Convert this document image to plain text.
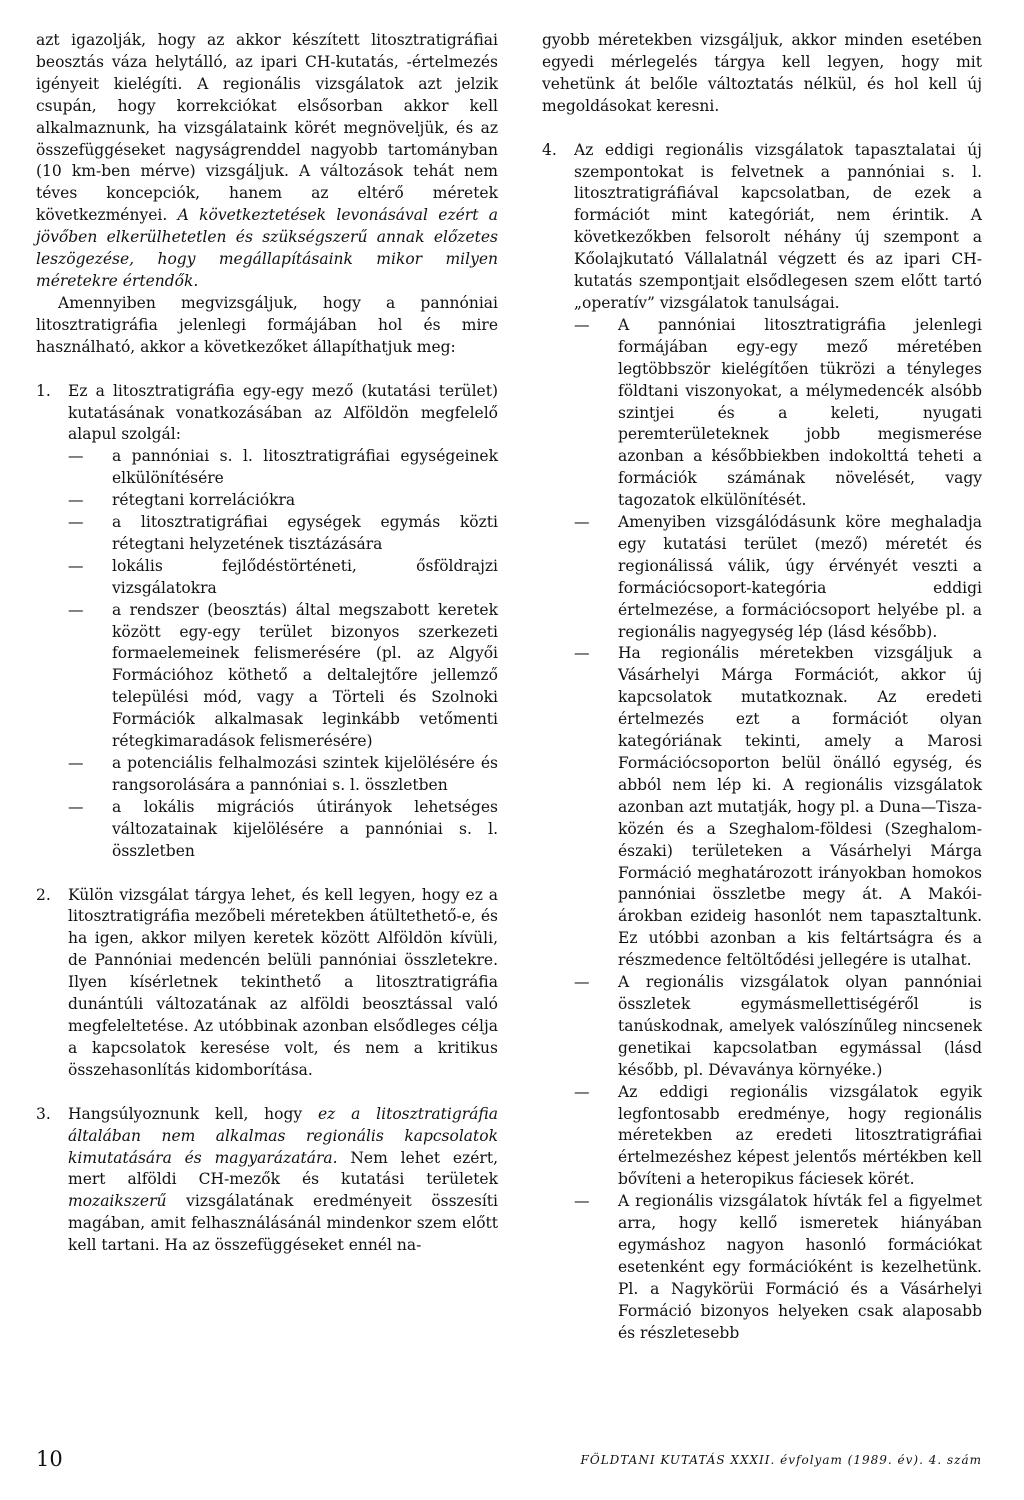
azt igazolják, hogy az akkor készített litosztratigráfiai beosztás váza helytálló, az ipari CH-kutatás, -értelmezés igényeit kielégíti. A regionális vizsgálatok azt jelzik csupán, hogy korrekciókat elsősorban akkor kell alkalmaznunk, ha vizsgálataink körét megnöveljük, és az összefüggéseket nagyságrenddel nagyobb tartományban (10 km-ben mérve) vizsgáljuk. A változások tehát nem téves koncepciók, hanem az eltérő méretek következményei. A következtetések levonásával ezért a jövőben elkerülhetetlen és szükségszerű annak előzetes leszögezése, hogy megállapításaink mikor milyen méretekre értendők.

Amennyiben megvizsgáljuk, hogy a pannóniai litosztratigráfia jelenlegi formájában hol és mire használható, akkor a következőket állapíthatjuk meg:

1.	Ez a litosztratigráfia egy-egy mező (kutatási terület) kutatásának vonatkozásában az Alföldön megfelelő alapul szolgál:

—	a pannóniai s. l. litosztratigráfiai egységeinek elkülönítésére
—	rétegtani korrelációkra
—	a litosztratigráfiai egységek egymás közti rétegtani helyzetének tisztázására
—	lokális fejlődéstörténeti, ősföldrajzi vizsgálatokra
—	a rendszer (beosztás) által megszabott keretek között egy-egy terület bizonyos szerkezeti formaelemeinek felismerésére (pl. az Algyői Formációhoz köthető a deltalejtőre jellemző települési mód, vagy a Törteli és Szolnoki Formációk alkalmasak leginkább vetőmenti rétegkimaradások felismerésére)
—	a potenciális felhalmozási szintek kijelölésére és rangsorolására a pannóniai s. l. összletben
—	a lokális migrációs útirányok lehetséges változatainak kijelölésére a pannóniai s. l. összletben
2.	Külön vizsgálat tárgya lehet, és kell legyen, hogy ez a litosztratigráfia mezőbeli méretekben átültethető-e, és ha igen, akkor milyen keretek között Alföldön kívüli, de Pannóniai medencén belüli pannóniai összletekre. Ilyen kísérletnek tekinthető a litosztratigráfia dunántúli változatának az alföldi beosztással való megfeleltetése. Az utóbbinak azonban elsődleges célja a kapcsolatok keresése volt, és nem a kritikus összehasonlítás kidomborítása.

3.	Hangsúlyoznunk kell, hogy ez a litosztratigráfia általában nem alkalmas regionális kapcsolatok kimutatására és magyarázatára. Nem lehet ezért, mert alföldi CH-mezők és kutatási területek mozaikszerű vizsgálatának eredményeit összesíti magában, amit felhasználásánál mindenkor szem előtt kell tartani. Ha az összefüggéseket ennél na-

gyobb méretekben vizsgáljuk, akkor minden esetében egyedi mérlegelés tárgya kell legyen, hogy mit vehetünk át belőle változtatás nélkül, és hol kell új megoldásokat keresni.

4.	Az eddigi regionális vizsgálatok tapasztalatai új szempontokat is felvetnek a pannóniai s. l. litosztratigráfiával kapcsolatban, de ezek a formációt mint kategóriát, nem érintik. A következőkben felsorolt néhány új szempont a Kőolajkutató Vállalatnál végzett és az ipari CH-kutatás szempontjait elsődlegesen szem előtt tartó „operatív” vizsgálatok tanulságai.

—	A pannóniai litosztratigráfia jelenlegi formájában egy-egy mező méretében legtöbbször kielégítően tükrözi a tényleges földtani viszonyokat, a mélymedencék alsóbb szintjei és a keleti, nyugati peremterületeknek jobb megismerése azonban a későbbiekben indokolttá teheti a formációk számának növelését, vagy tagozatok elkülönítését.
—	Amenyiben vizsgálódásunk köre meghaladja egy kutatási terület (mező) méretét és regionálissá válik, úgy érvényét veszti a formációcsoport-kategória eddigi értelmezése, a formációcsoport helyébe pl. a regionális nagyegység lép (lásd később).
—	Ha regionális méretekben vizsgáljuk a Vásárhelyi Márga Formációt, akkor új kapcsolatok mutatkoznak. Az eredeti értelmezés ezt a formációt olyan kategóriának tekinti, amely a Marosi Formációcsoporton belül önálló egység, és abból nem lép ki. A regionális vizsgálatok azonban azt mutatják, hogy pl. a Duna—Tisza-közén és a Szeghalom-földesi (Szeghalom-északi) területeken a Vásárhelyi Márga Formáció meghatározott irányokban homokos pannóniai összletbe megy át. A Makói-árokban ezideig hasonlót nem tapasztaltunk. Ez utóbbi azonban a kis feltártságra és a részmedence feltöltődési jellegére is utalhat.
—	A regionális vizsgálatok olyan pannóniai összletek egymásmellettiségéről is tanúskodnak, amelyek valószínűleg nincsenek genetikai kapcsolatban egymással (lásd később, pl. Dévaványa környéke.)
—	Az eddigi regionális vizsgálatok egyik legfontosabb eredménye, hogy regionális méretekben az eredeti litosztratigráfiai értelmezéshez képest jelentős mértékben kell bővíteni a heteropikus fáciesek körét.
—	A regionális vizsgálatok hívták fel a figyelmet arra, hogy kellő ismeretek hiányában egymáshoz nagyon hasonló formációkat esetenként egy formációként is kezelhetünk. Pl. a Nagykörüi Formáció és a Vásárhelyi Formáció bizonyos helyeken csak alaposabb és részletesebb
10	FÖLDTANI KUTATÁS XXXII. évfolyam (1989. év). 4. szám
